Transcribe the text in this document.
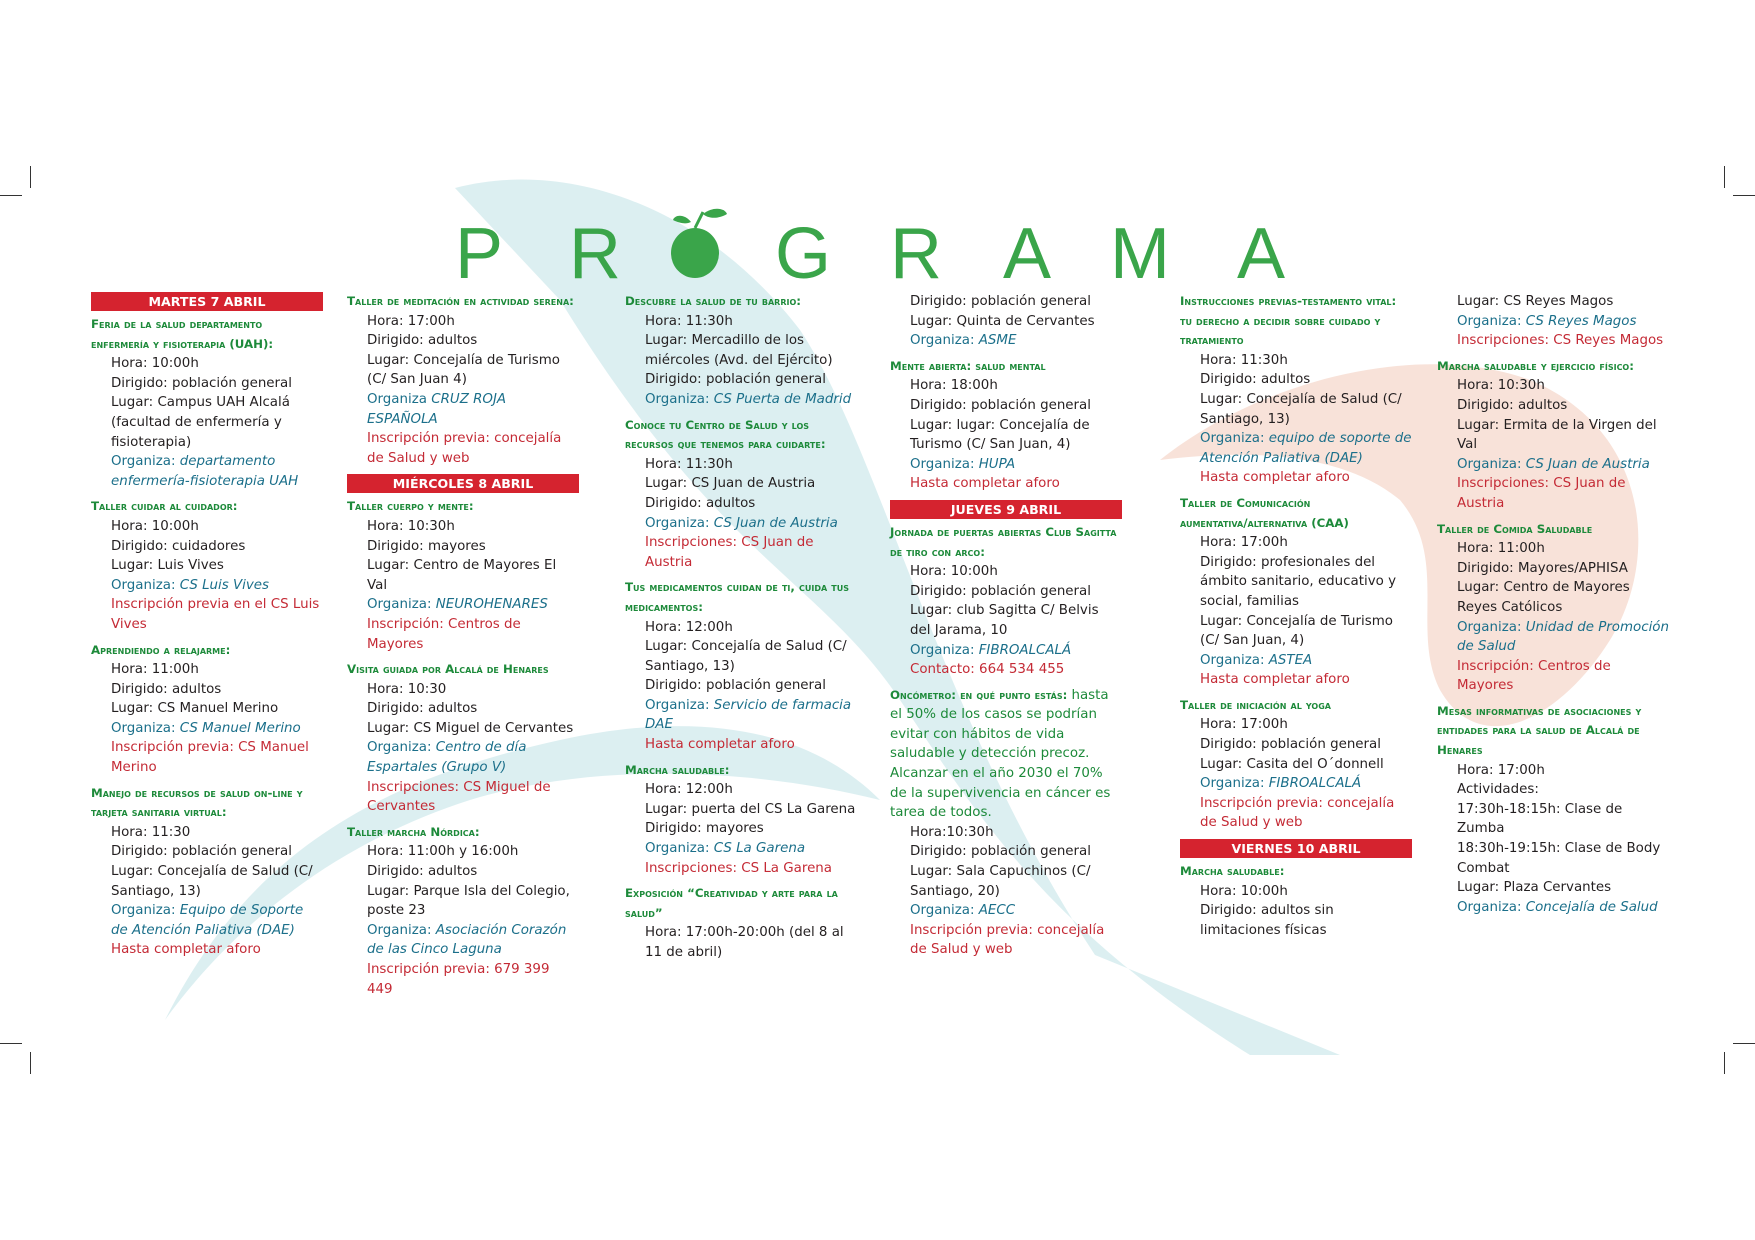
P R G R A M A
MARTES 7 ABRIL
Feria de la salud departamento enfermería y fisioterapia (UAH):
Hora: 10:00h
Dirigido: población general
Lugar: Campus UAH Alcalá (facultad de enfermería y fisioterapia)
Organiza: departamento enfermería-fisioterapia UAH
Taller cuidar al cuidador:
Hora: 10:00h
Dirigido: cuidadores
Lugar: Luis Vives
Organiza: CS Luis Vives
Inscripción previa en el CS Luis Vives
Aprendiendo a relajarme:
Hora: 11:00h
Dirigido: adultos
Lugar: CS Manuel Merino
Organiza: CS Manuel Merino
Inscripción previa: CS Manuel Merino
Manejo de recursos de salud on-line y tarjeta sanitaria virtual:
Hora: 11:30
Dirigido: población general
Lugar: Concejalía de Salud (C/ Santiago, 13)
Organiza: Equipo de Soporte de Atención Paliativa (DAE)
Hasta completar aforo
Taller de meditación en actividad serena:
Hora: 17:00h
Dirigido: adultos
Lugar: Concejalía de Turismo (C/ San Juan 4)
Organiza CRUZ ROJA ESPAÑOLA
Inscripción previa: concejalía de Salud y web
MIÉRCOLES 8 ABRIL
Taller cuerpo y mente:
Hora: 10:30h
Dirigido: mayores
Lugar: Centro de Mayores El Val
Organiza: NEUROHENARES
Inscripción: Centros de Mayores
Visita guiada por Alcalá de Henares
Hora: 10:30
Dirigido: adultos
Lugar: CS Miguel de Cervantes
Organiza: Centro de día Espartales (Grupo V)
Inscripciones: CS Miguel de Cervantes
Taller marcha Nórdica:
Hora: 11:00h y 16:00h
Dirigido: adultos
Lugar: Parque Isla del Colegio, poste 23
Organiza: Asociación Corazón de las Cinco Laguna
Inscripción previa: 679 399 449
Descubre la salud de tu barrio:
Hora: 11:30h
Lugar: Mercadillo de los miércoles (Avd. del Ejército)
Dirigido: población general
Organiza: CS Puerta de Madrid
Conoce tu Centro de Salud y los recursos que tenemos para cuidarte:
Hora: 11:30h
Lugar: CS Juan de Austria
Dirigido: adultos
Organiza: CS Juan de Austria
Inscripciones: CS Juan de Austria
Tus medicamentos cuidan de ti, cuida tus medicamentos:
Hora: 12:00h
Lugar: Concejalía de Salud (C/ Santiago, 13)
Dirigido: población general
Organiza: Servicio de farmacia DAE
Hasta completar aforo
Marcha saludable:
Hora: 12:00h
Lugar: puerta del CS La Garena
Dirigido: mayores
Organiza: CS La Garena
Inscripciones: CS La Garena
Exposición “Creatividad y arte para la salud”
Hora: 17:00h-20:00h (del 8 al 11 de abril)
Dirigido: población general
Lugar: Quinta de Cervantes
Organiza: ASME
Mente abierta: salud mental
Hora: 18:00h
Dirigido: población general
Lugar: lugar: Concejalía de Turismo (C/ San Juan, 4)
Organiza: HUPA
Hasta completar aforo
JUEVES 9 ABRIL
Jornada de puertas abiertas Club Sagitta de tiro con arco:
Hora: 10:00h
Dirigido: población general
Lugar: club Sagitta C/ Belvis del Jarama, 10
Organiza: FIBROALCALÁ
Contacto: 664 534 455
Oncómetro: en qué punto estás: hasta el 50% de los casos se podrían evitar con hábitos de vida saludable y detección precoz. Alcanzar en el año 2030 el 70% de la supervivencia en cáncer es tarea de todos.
Hora:10:30h
Dirigido: población general
Lugar: Sala Capuchinos (C/ Santiago, 20)
Organiza: AECC
Inscripción previa: concejalía de Salud y web
Instrucciones previas-testamento vital: tu derecho a decidir sobre cuidado y tratamiento
Hora: 11:30h
Dirigido: adultos
Lugar: Concejalía de Salud (C/ Santiago, 13)
Organiza: equipo de soporte de Atención Paliativa (DAE)
Hasta completar aforo
Taller de Comunicación aumentativa/alternativa (CAA)
Hora: 17:00h
Dirigido: profesionales del ámbito sanitario, educativo y social, familias
Lugar: Concejalía de Turismo (C/ San Juan, 4)
Organiza: ASTEA
Hasta completar aforo
Taller de iniciación al yoga
Hora: 17:00h
Dirigido: población general
Lugar: Casita del O´donnell
Organiza: FIBROALCALÁ
Inscripción previa: concejalía de Salud y web
VIERNES 10 ABRIL
Marcha saludable:
Hora: 10:00h
Dirigido: adultos sin limitaciones físicas
Lugar: CS Reyes Magos
Organiza: CS Reyes Magos
Inscripciones: CS Reyes Magos
Marcha saludable y ejercicio físico:
Hora: 10:30h
Dirigido: adultos
Lugar: Ermita de la Virgen del Val
Organiza: CS Juan de Austria
Inscripciones: CS Juan de Austria
Taller de Comida Saludable
Hora: 11:00h
Dirigido: Mayores/APHISA
Lugar: Centro de Mayores Reyes Católicos
Organiza: Unidad de Promoción de Salud
Inscripción: Centros de Mayores
Mesas informativas de asociaciones y entidades para la salud de Alcalá de Henares
Hora: 17:00h
Actividades:
17:30h-18:15h: Clase de Zumba
18:30h-19:15h: Clase de Body Combat
Lugar: Plaza Cervantes
Organiza: Concejalía de Salud
